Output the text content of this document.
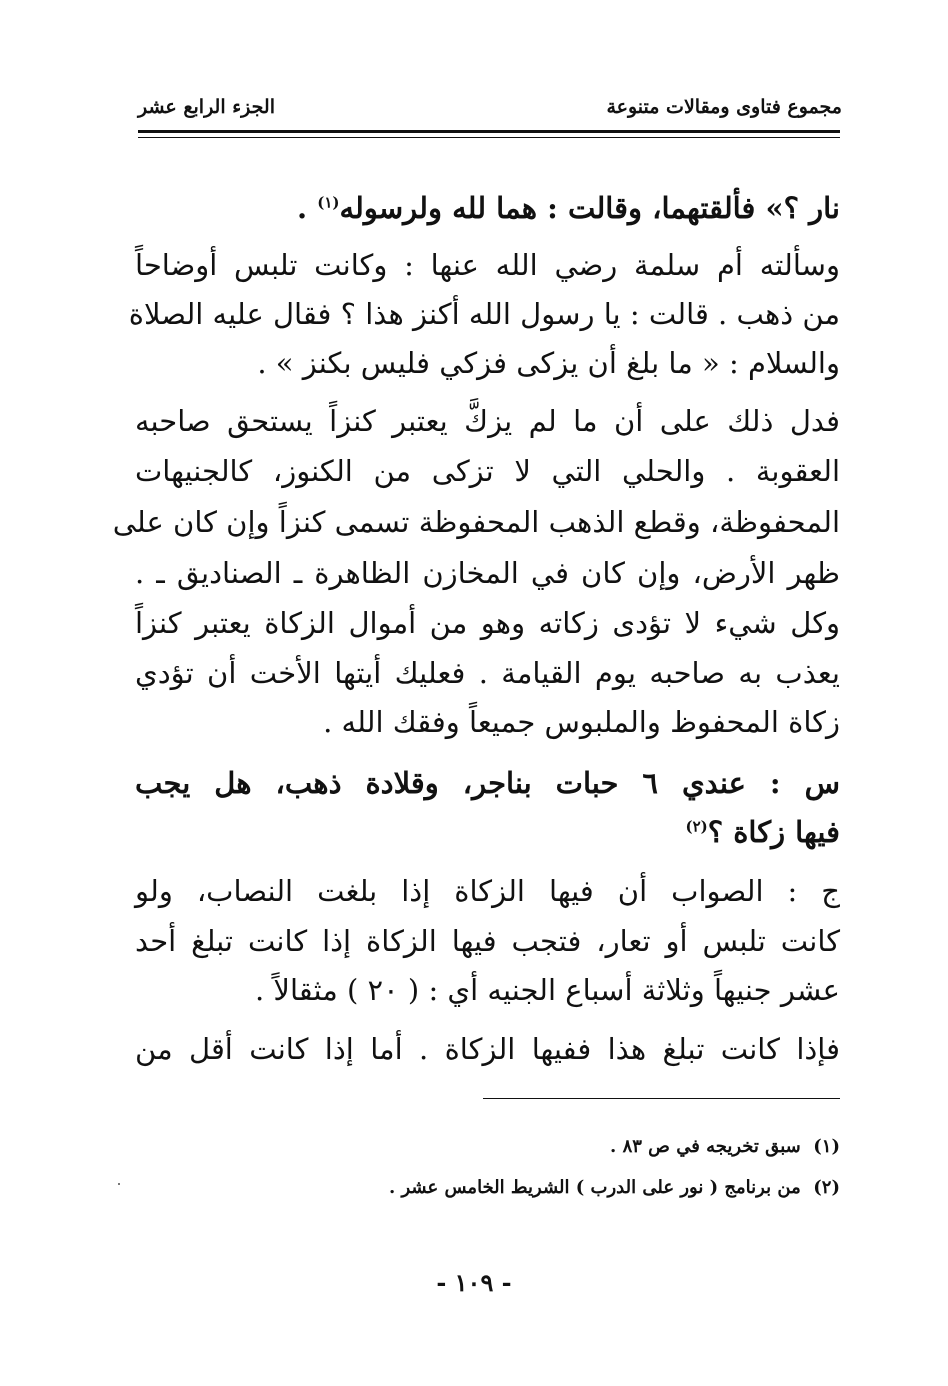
مجموع فتاوى ومقالات متنوعة
الجزء الرابع عشر
نار ؟» فألقتهما، وقالت : هما لله ولرسوله$^{(١)}$ .
وسألته أم سلمة رضي الله عنها : وكانت تلبس أوضاحاً
من ذهب . قالت : يا رسول الله أكنز هذا ؟ فقال عليه الصلاة
والسلام : « ما بلغ أن يزكى فزكي فليس بكنز » .
فدل ذلك على أن ما لم يزكَّ يعتبر كنزاً يستحق صاحبه
العقوبة . والحلي التي لا تزكى من الكنوز، كالجنيهات
المحفوظة، وقطع الذهب المحفوظة تسمى كنزاً وإن كان على
ظهر الأرض، وإن كان في المخازن الظاهرة ـ الصناديق ـ .
وكل شيء لا تؤدى زكاته وهو من أموال الزكاة يعتبر كنزاً
يعذب به صاحبه يوم القيامة . فعليك أيتها الأخت أن تؤدي
زكاة المحفوظ والملبوس جميعاً وفقك الله .
س : عندي ٦ حبات بناجر، وقلادة ذهب، هل يجب
فيها زكاة ؟$^{(٢)}$
ج : الصواب أن فيها الزكاة إذا بلغت النصاب، ولو
كانت تلبس أو تعار، فتجب فيها الزكاة إذا كانت تبلغ أحد
عشر جنيهاً وثلاثة أسباع الجنيه أي : ( ٢٠ ) مثقالاً .
فإذا كانت تبلغ هذا ففيها الزكاة . أما إذا كانت أقل من
(١)  سبق تخريجه في ص ٨٣ .
(٢)  من برنامج ( نور على الدرب ) الشريط الخامس عشر .
- ١٠٩ -
